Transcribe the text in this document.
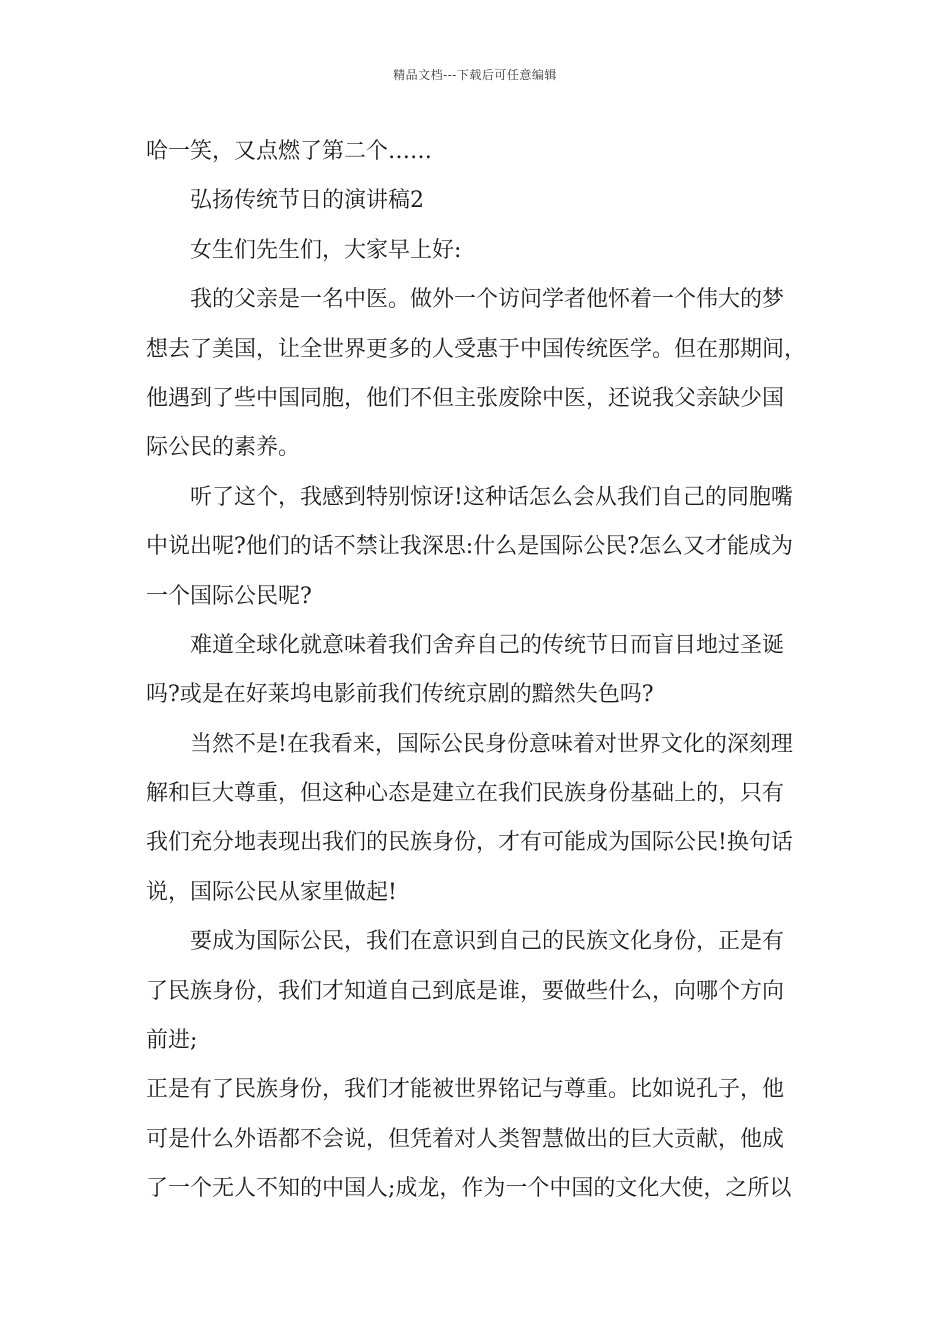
精品文档---下载后可任意编辑
哈一笑，又点燃了第二个……
弘扬传统节日的演讲稿2
女生们先生们，大家早上好:
我的父亲是一名中医。做外一个访问学者他怀着一个伟大的梦
想去了美国，让全世界更多的人受惠于中国传统医学。但在那期间，
他遇到了些中国同胞，他们不但主张废除中医，还说我父亲缺少国
际公民的素养。
听了这个，我感到特别惊讶!这种话怎么会从我们自己的同胞嘴
中说出呢?他们的话不禁让我深思:什么是国际公民?怎么又才能成为
一个国际公民呢?
难道全球化就意味着我们舍弃自己的传统节日而盲目地过圣诞
吗?或是在好莱坞电影前我们传统京剧的黯然失色吗?
当然不是!在我看来，国际公民身份意味着对世界文化的深刻理
解和巨大尊重，但这种心态是建立在我们民族身份基础上的，只有
我们充分地表现出我们的民族身份，才有可能成为国际公民!换句话
说，国际公民从家里做起!
要成为国际公民，我们在意识到自己的民族文化身份，正是有
了民族身份，我们才知道自己到底是谁，要做些什么，向哪个方向
前进;
正是有了民族身份，我们才能被世界铭记与尊重。比如说孔子，他
可是什么外语都不会说，但凭着对人类智慧做出的巨大贡献，他成
了一个无人不知的中国人;成龙，作为一个中国的文化大使，之所以
